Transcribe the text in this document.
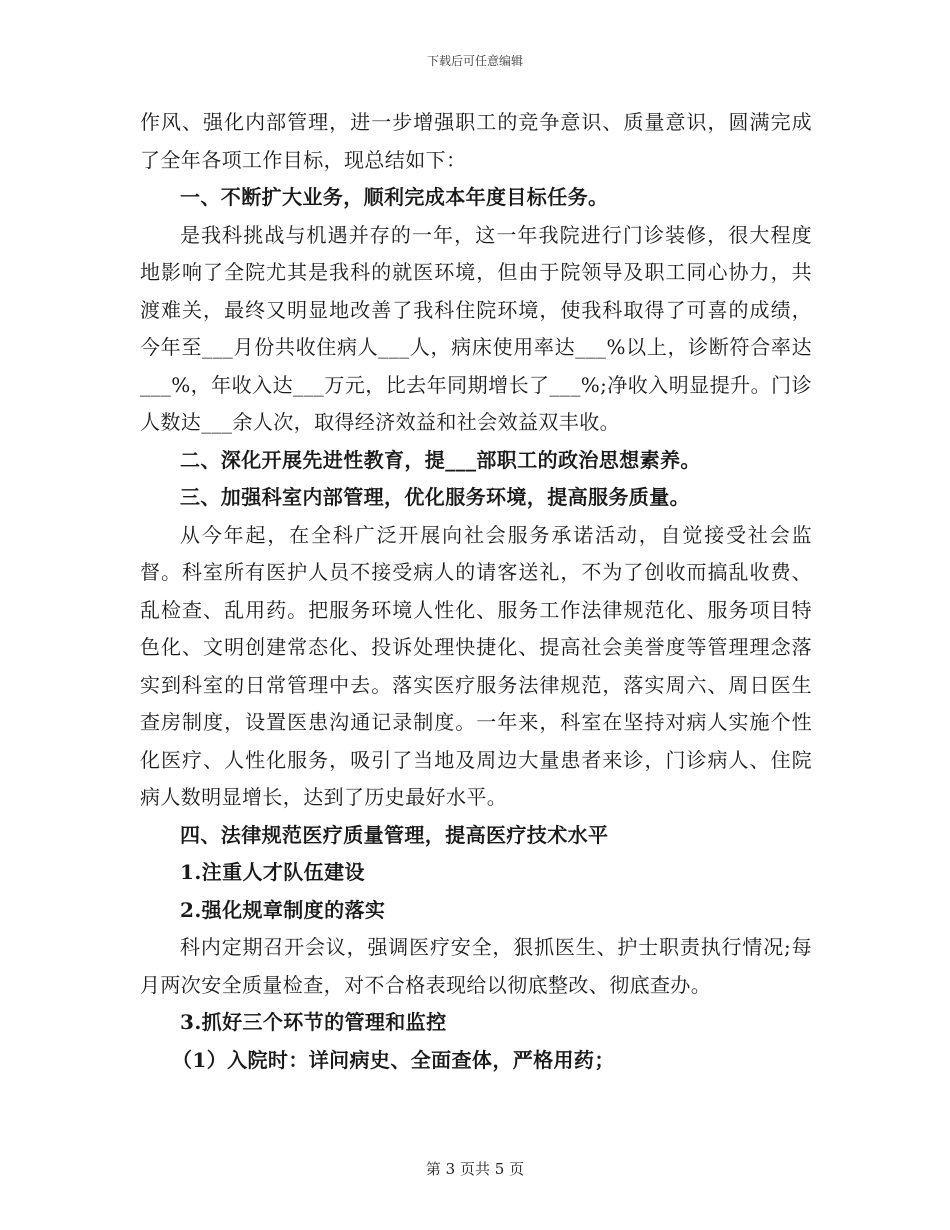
下载后可任意编辑

作风、强化内部管理，进一步增强职工的竞争意识、质量意识，圆满完成了全年各项工作目标，现总结如下：

一、不断扩大业务，顺利完成本年度目标任务。

是我科挑战与机遇并存的一年，这一年我院进行门诊装修，很大程度地影响了全院尤其是我科的就医环境，但由于院领导及职工同心协力，共渡难关，最终又明显地改善了我科住院环境，使我科取得了可喜的成绩，今年至___月份共收住病人___人，病床使用率达___%以上，诊断符合率达___%，年收入达___万元，比去年同期增长了___%;净收入明显提升。门诊人数达___余人次，取得经济效益和社会效益双丰收。

二、深化开展先进性教育，提___部职工的政治思想素养。

三、加强科室内部管理，优化服务环境，提高服务质量。

从今年起，在全科广泛开展向社会服务承诺活动，自觉接受社会监督。科室所有医护人员不接受病人的请客送礼，不为了创收而搞乱收费、乱检查、乱用药。把服务环境人性化、服务工作法律规范化、服务项目特色化、文明创建常态化、投诉处理快捷化、提高社会美誉度等管理理念落实到科室的日常管理中去。落实医疗服务法律规范，落实周六、周日医生查房制度，设置医患沟通记录制度。一年来，科室在坚持对病人实施个性化医疗、人性化服务，吸引了当地及周边大量患者来诊，门诊病人、住院病人数明显增长，达到了历史最好水平。

四、法律规范医疗质量管理，提高医疗技术水平

1.注重人才队伍建设

2.强化规章制度的落实

科内定期召开会议，强调医疗安全，狠抓医生、护士职责执行情况;每月两次安全质量检查，对不合格表现给以彻底整改、彻底查办。

3.抓好三个环节的管理和监控

（1）入院时：详问病史、全面查体，严格用药；

第 3 页共 5 页
